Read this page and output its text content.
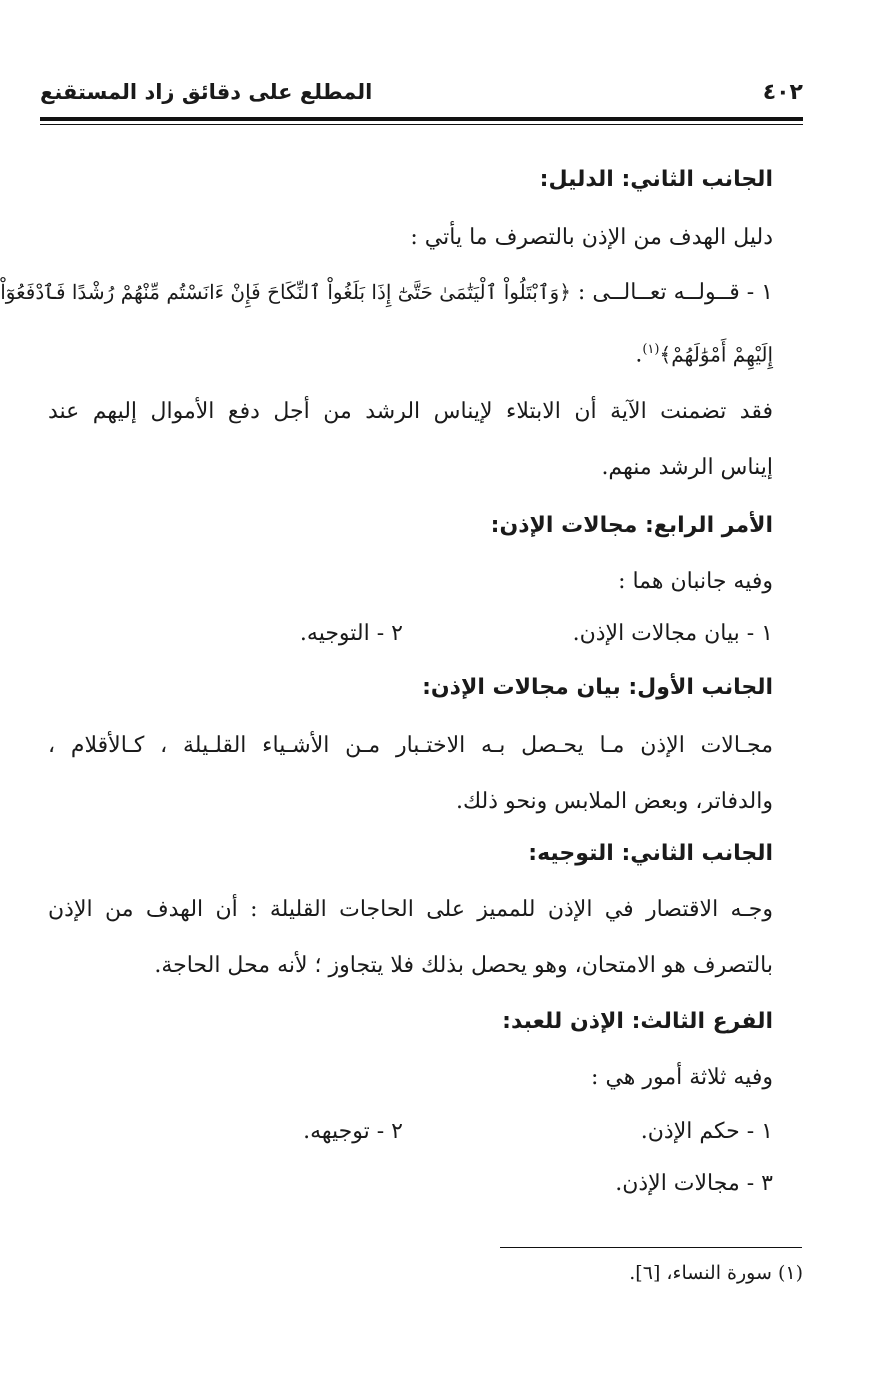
٤٠٢
المطلع على دقائق زاد المستقنع
الجانب الثاني: الدليل:
دليل الهدف من الإذن بالتصرف ما يأتي :
١ - قــولــه تعــالــى : ﴿وَٱبْتَلُواْ ٱلْيَتَٰمَىٰ حَتَّىٰٓ إِذَا بَلَغُواْ ٱلنِّكَاحَ فَإِنْ ءَانَسْتُم مِّنْهُمْ رُشْدًا فَٱدْفَعُوٓاْ
إِلَيْهِمْ أَمْوَٰلَهُمْ﴾$^{(١)}$.
فقد تضمنت الآية أن الابتلاء لإيناس الرشد من أجل دفع الأموال إليهم عند
إيناس الرشد منهم.
الأمر الرابع: مجالات الإذن:
وفيه جانبان هما :
١ - بيان مجالات الإذن.
٢ - التوجيه.
الجانب الأول: بيان مجالات الإذن:
مجـالات الإذن مـا يحـصل بـه الاختـبار مـن الأشـياء القلـيلة ، كـالأقلام ،
والدفاتر، وبعض الملابس ونحو ذلك.
الجانب الثاني: التوجيه:
وجـه الاقتصار في الإذن للمميز على الحاجات القليلة : أن الهدف من الإذن
بالتصرف هو الامتحان، وهو يحصل بذلك فلا يتجاوز ؛ لأنه محل الحاجة.
الفرع الثالث: الإذن للعبد:
وفيه ثلاثة أمور هي :
١ - حكم الإذن.
٢ - توجيهه.
٣ - مجالات الإذن.
(١) سورة النساء، [٦].
